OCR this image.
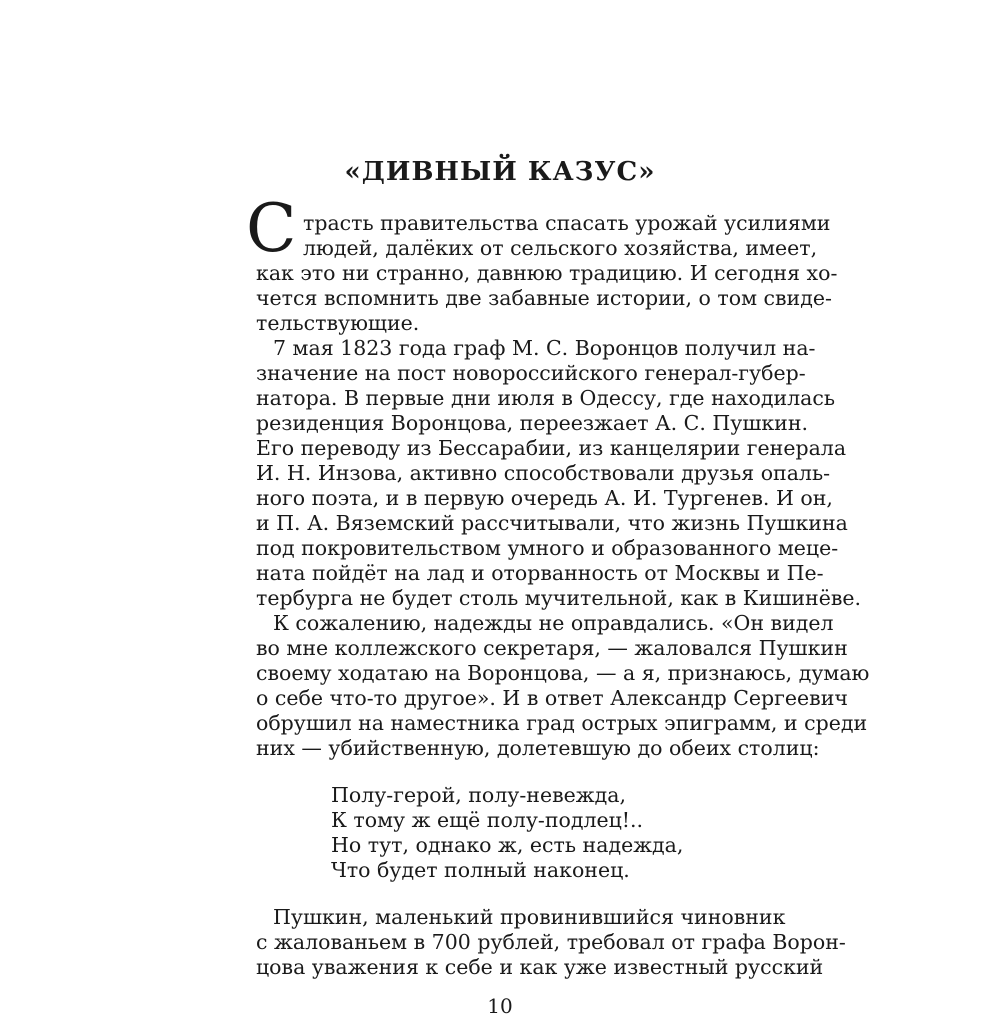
«ДИВНЫЙ КАЗУС»
С трасть правительства спасать урожай усилиями
людей, далёких от сельского хозяйства, имеет,
как это ни странно, давнюю традицию. И сегодня хо-
чется вспомнить две забавные истории, о том свиде-
тельствующие.
7 мая 1823 года граф М. С. Воронцов получил на-
значение на пост новороссийского генерал-губер-
натора. В первые дни июля в Одессу, где находилась
резиденция Воронцова, переезжает А. С. Пушкин.
Его переводу из Бессарабии, из канцелярии генерала
И. Н. Инзова, активно способствовали друзья опаль-
ного поэта, и в первую очередь А. И. Тургенев. И он,
и П. А. Вяземский рассчитывали, что жизнь Пушкина
под покровительством умного и образованного меце-
ната пойдёт на лад и оторванность от Москвы и Пе-
тербурга не будет столь мучительной, как в Кишинёве.
К сожалению, надежды не оправдались. «Он видел
во мне коллежского секретаря, — жаловался Пушкин
своему ходатаю на Воронцова, — а я, признаюсь, думаю
о себе что-то другое». И в ответ Александр Сергеевич
обрушил на наместника град острых эпиграмм, и среди
них — убийственную, долетевшую до обеих столиц:
Полу-герой, полу-невежда,
К тому ж ещё полу-подлец!..
Но тут, однако ж, есть надежда,
Что будет полный наконец.
Пушкин, маленький провинившийся чиновник
с жалованьем в 700 рублей, требовал от графа Ворон-
цова уважения к себе и как уже известный русский
10
